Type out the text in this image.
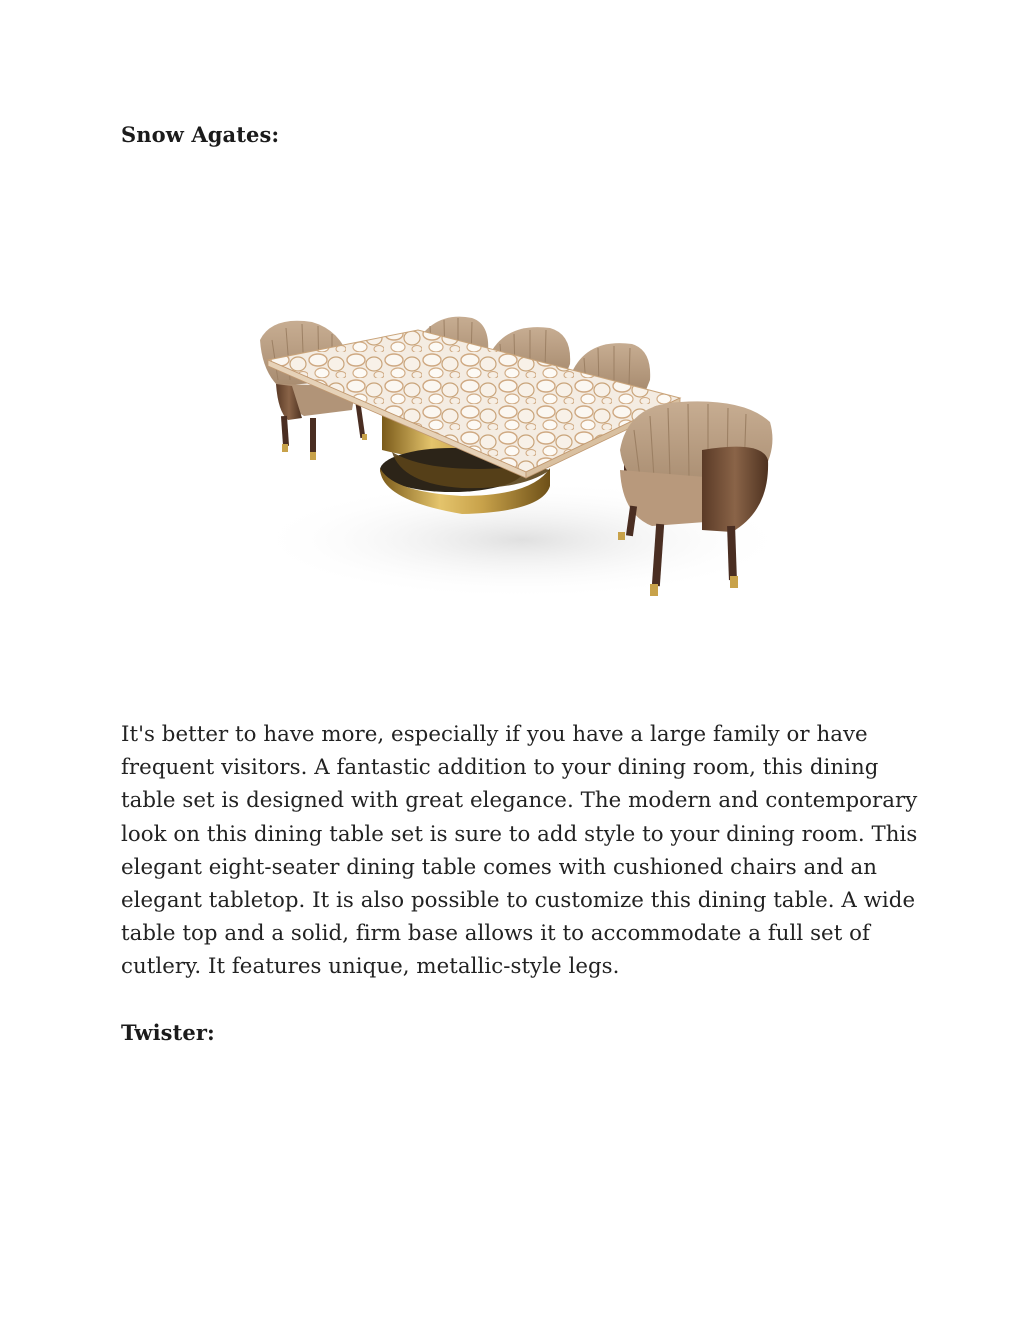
Snow Agates:

It's better to have more, especially if you have a large family or have
frequent visitors. A fantastic addition to your dining room, this dining
table set is designed with great elegance. The modern and contemporary
look on this dining table set is sure to add style to your dining room. This
elegant eight-seater dining table comes with cushioned chairs and an
elegant tabletop. It is also possible to customize this dining table. A wide
table top and a solid, firm base allows it to accommodate a full set of
cutlery. It features unique, metallic-style legs.

Twister:
